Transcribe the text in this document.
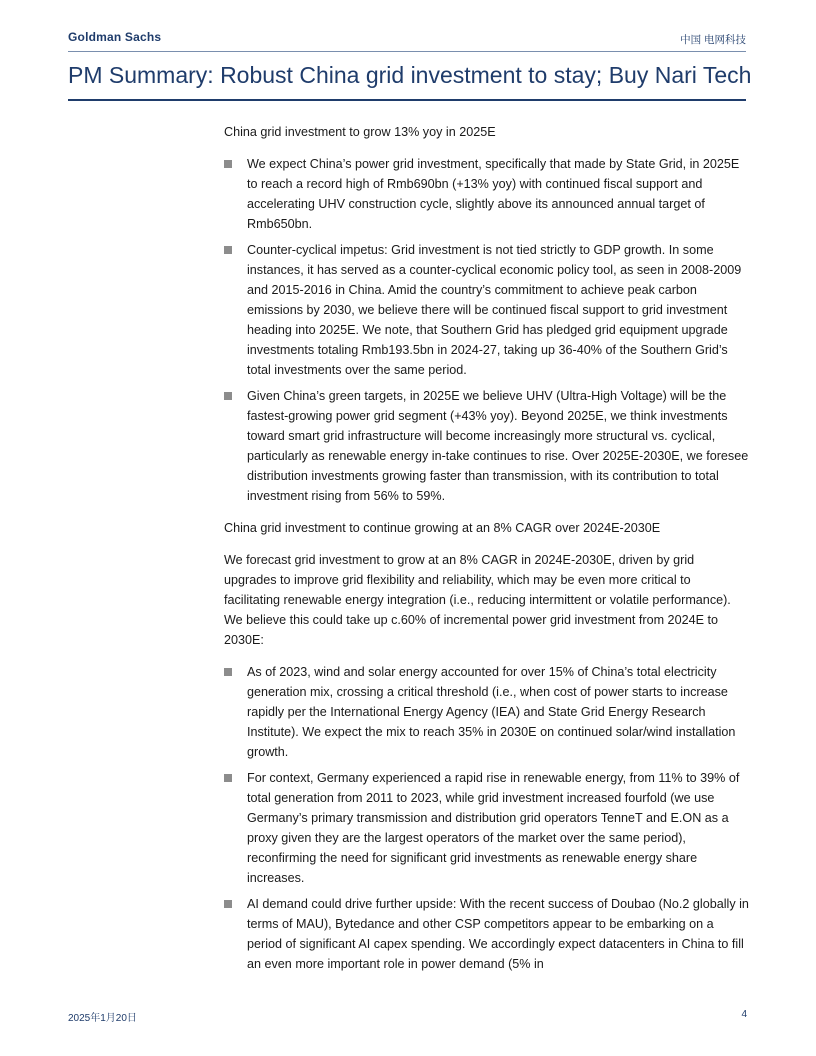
Goldman Sachs	中国 电网科技
PM Summary: Robust China grid investment to stay; Buy Nari Tech
China grid investment to grow 13% yoy in 2025E
We expect China’s power grid investment, specifically that made by State Grid, in 2025E to reach a record high of Rmb690bn (+13% yoy) with continued fiscal support and accelerating UHV construction cycle, slightly above its announced annual target of Rmb650bn.
Counter-cyclical impetus: Grid investment is not tied strictly to GDP growth. In some instances, it has served as a counter-cyclical economic policy tool, as seen in 2008-2009 and 2015-2016 in China. Amid the country’s commitment to achieve peak carbon emissions by 2030, we believe there will be continued fiscal support to grid investment heading into 2025E. We note, that Southern Grid has pledged grid equipment upgrade investments totaling Rmb193.5bn in 2024-27, taking up 36-40% of the Southern Grid’s total investments over the same period.
Given China’s green targets, in 2025E we believe UHV (Ultra-High Voltage) will be the fastest-growing power grid segment (+43% yoy). Beyond 2025E, we think investments toward smart grid infrastructure will become increasingly more structural vs. cyclical, particularly as renewable energy in-take continues to rise. Over 2025E-2030E, we foresee distribution investments growing faster than transmission, with its contribution to total investment rising from 56% to 59%.
China grid investment to continue growing at an 8% CAGR over 2024E-2030E
We forecast grid investment to grow at an 8% CAGR in 2024E-2030E, driven by grid upgrades to improve grid flexibility and reliability, which may be even more critical to facilitating renewable energy integration (i.e., reducing intermittent or volatile performance). We believe this could take up c.60% of incremental power grid investment from 2024E to 2030E:
As of 2023, wind and solar energy accounted for over 15% of China’s total electricity generation mix, crossing a critical threshold (i.e., when cost of power starts to increase rapidly per the International Energy Agency (IEA) and State Grid Energy Research Institute). We expect the mix to reach 35% in 2030E on continued solar/wind installation growth.
For context, Germany experienced a rapid rise in renewable energy, from 11% to 39% of total generation from 2011 to 2023, while grid investment increased fourfold (we use Germany’s primary transmission and distribution grid operators TenneT and E.ON as a proxy given they are the largest operators of the market over the same period), reconfirming the need for significant grid investments as renewable energy share increases.
AI demand could drive further upside: With the recent success of Doubao (No.2 globally in terms of MAU), Bytedance and other CSP competitors appear to be embarking on a period of significant AI capex spending. We accordingly expect datacenters in China to fill an even more important role in power demand (5% in
2025年1月20日	4
